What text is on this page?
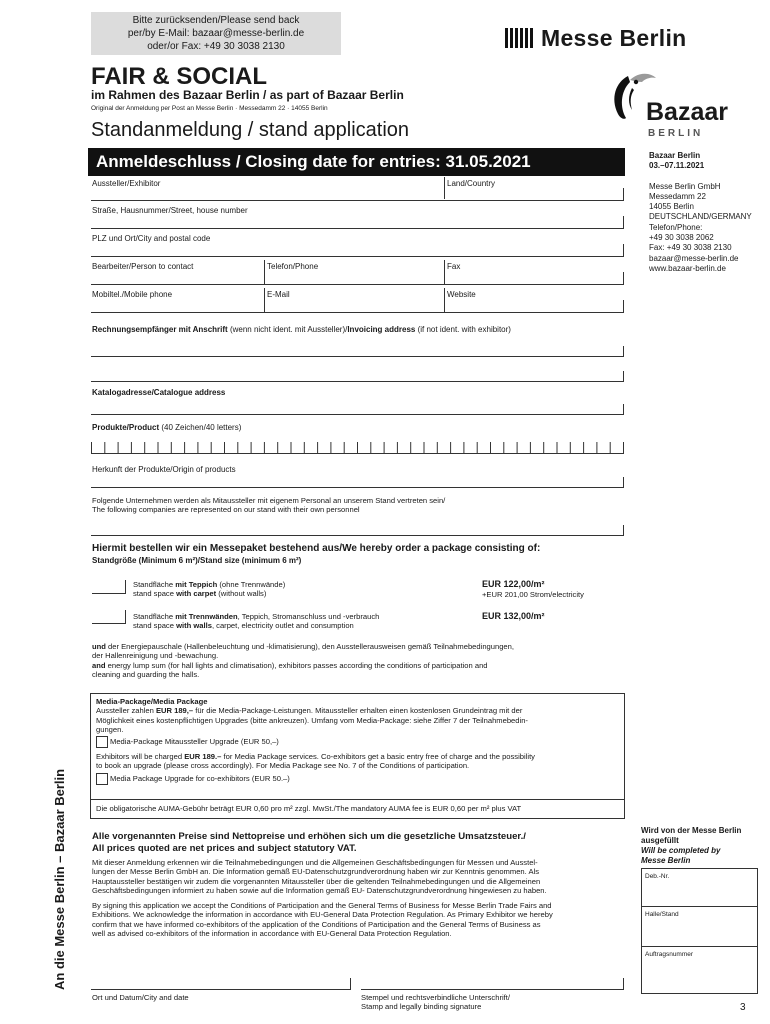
Bitte zurücksenden/Please send back
per/by E-Mail: bazaar@messe-berlin.de
oder/or Fax: +49 30 3038 2130	Messe Berlin
Bazaar
BERLIN
FAIR & SOCIAL
im Rahmen des Bazaar Berlin / as part of Bazaar Berlin
Original der Anmeldung per Post an Messe Berlin · Messedamm 22 · 14055 Berlin
Standanmeldung / stand application
Anmeldeschluss / Closing date for entries: 31.05.2021	Bazaar Berlin
03.–07.11.2021
Messe Berlin GmbH
Messedamm 22
14055 Berlin
DEUTSCHLAND/GERMANY
Telefon/Phone:
+49 30 3038 2062
Fax: +49 30 3038 2130
bazaar@messe-berlin.de
www.bazaar-berlin.de
Aussteller/Exhibitor	Land/Country
Straße, Hausnummer/Street, house number
PLZ und Ort/City and postal code
Bearbeiter/Person to contact	Telefon/Phone	Fax
Mobiltel./Mobile phone	E-Mail	Website
Rechnungsempfänger mit Anschrift (wenn nicht ident. mit Aussteller)/Invoicing address (if not ident. with exhibitor)
Katalogadresse/Catalogue address
Produkte/Product (40 Zeichen/40 letters)
Herkunft der Produkte/Origin of products
Folgende Unternehmen werden als Mitaussteller mit eigenem Personal an unserem Stand vertreten sein/
The following companies are represented on our stand with their own personnel
Hiermit bestellen wir ein Messepaket bestehend aus/We hereby order a package consisting of:
Standgröße (Minimum 6 m²)/Stand size (minimum 6 m²)
Standfläche mit Teppich (ohne Trennwände)
stand space with carpet (without walls)
EUR 122,00/m²
+EUR 201,00 Strom/electricity
Standfläche mit Trennwänden, Teppich, Stromanschluss und -verbrauch
stand space with walls, carpet, electricity outlet and consumption
EUR 132,00/m²
und der Energiepauschale (Hallenbeleuchtung und -klimatisierung), den Ausstellerausweisen gemäß Teilnahmebedingungen,
der Hallenreinigung und -bewachung.
and energy lump sum (for hall lights and climatisation), exhibitors passes according the conditions of participation and
cleaning and guarding the halls.
Media-Package/Media Package
Aussteller zahlen EUR 189,– für die Media-Package-Leistungen. Mitaussteller erhalten einen kostenlosen Grundeintrag mit der
Möglichkeit eines kostenpflichtigen Upgrades (bitte ankreuzen). Umfang vom Media-Package: siehe Ziffer 7 der Teilnahmebedin-
gungen.
Media-Package Mitaussteller Upgrade (EUR 50,–)
Exhibitors will be charged EUR 189.– for Media Package services. Co-exhibitors get a basic entry free of charge and the possibility
to book an upgrade (please cross accordingly). For Media Package see No. 7 of the Conditions of participation.
Media Package Upgrade for co-exhibitors (EUR 50.–)
Die obligatorische AUMA-Gebühr beträgt EUR 0,60 pro m² zzgl. MwSt./The mandatory AUMA fee is EUR 0,60 per m² plus VAT
Alle vorgenannten Preise sind Nettopreise und erhöhen sich um die gesetzliche Umsatzsteuer./
All prices quoted are net prices and subject statutory VAT.
Mit dieser Anmeldung erkennen wir die Teilnahmebedingungen und die Allgemeinen Geschäftsbedingungen für Messen und Ausstel-
lungen der Messe Berlin GmbH an. Die Information gemäß EU-Datenschutzgrundverordnung haben wir zur Kenntnis genommen. Als
Hauptaussteller bestätigen wir zudem die vorgenannten Mitaussteller über die geltenden Teilnahmebedingungen und die Allgemeinen
Geschäftsbedingungen informiert zu haben sowie auf die Information gemäß EU- Datenschutzgrundverordnung hingewiesen zu haben.
By signing this application we accept the Conditions of Participation and the General Terms of Business for Messe Berlin Trade Fairs and
Exhibitions. We acknowledge the information in accordance with EU-General Data Protection Regulation. As Primary Exhibitor we hereby
confirm that we have informed co-exhibitors of the application of the Conditions of Participation and the General Terms of Business as
well as advised co-exhibitors of the information in accordance with EU-General Data Protection Regulation.
Wird von der Messe Berlin
ausgefüllt
Will be completed by
Messe Berlin
Deb.-Nr.
Halle/Stand
Auftragsnummer
Ort und Datum/City and date	Stempel und rechtsverbindliche Unterschrift/
Stamp and legally binding signature
An die Messe Berlin – Bazaar Berlin
3
